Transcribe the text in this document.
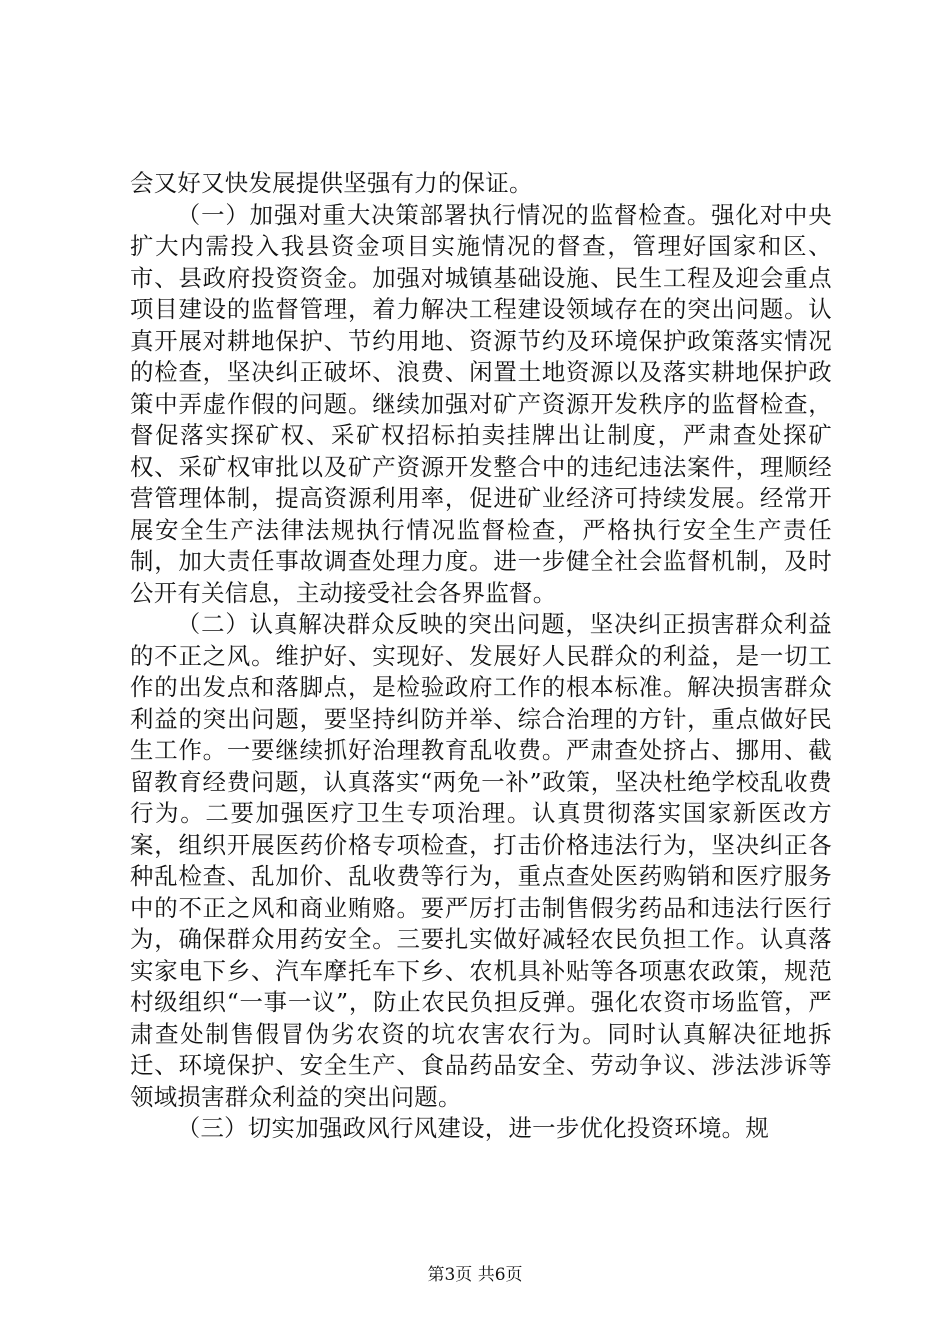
会又好又快发展提供坚强有力的保证。

（一）加强对重大决策部署执行情况的监督检查。强化对中央扩大内需投入我县资金项目实施情况的督查，管理好国家和区、市、县政府投资资金。加强对城镇基础设施、民生工程及迎会重点项目建设的监督管理，着力解决工程建设领域存在的突出问题。认真开展对耕地保护、节约用地、资源节约及环境保护政策落实情况的检查，坚决纠正破坏、浪费、闲置土地资源以及落实耕地保护政策中弄虚作假的问题。继续加强对矿产资源开发秩序的监督检查，督促落实探矿权、采矿权招标拍卖挂牌出让制度，严肃查处探矿权、采矿权审批以及矿产资源开发整合中的违纪违法案件，理顺经营管理体制，提高资源利用率，促进矿业经济可持续发展。经常开展安全生产法律法规执行情况监督检查，严格执行安全生产责任制，加大责任事故调查处理力度。进一步健全社会监督机制，及时公开有关信息，主动接受社会各界监督。

（二）认真解决群众反映的突出问题，坚决纠正损害群众利益的不正之风。维护好、实现好、发展好人民群众的利益，是一切工作的出发点和落脚点，是检验政府工作的根本标准。解决损害群众利益的突出问题，要坚持纠防并举、综合治理的方针，重点做好民生工作。一要继续抓好治理教育乱收费。严肃查处挤占、挪用、截留教育经费问题，认真落实“两免一补”政策，坚决杜绝学校乱收费行为。二要加强医疗卫生专项治理。认真贯彻落实国家新医改方案，组织开展医药价格专项检查，打击价格违法行为，坚决纠正各种乱检查、乱加价、乱收费等行为，重点查处医药购销和医疗服务中的不正之风和商业贿赂。要严厉打击制售假劣药品和违法行医行为，确保群众用药安全。三要扎实做好减轻农民负担工作。认真落实家电下乡、汽车摩托车下乡、农机具补贴等各项惠农政策，规范村级组织“一事一议”，防止农民负担反弹。强化农资市场监管，严肃查处制售假冒伪劣农资的坑农害农行为。同时认真解决征地拆迁、环境保护、安全生产、食品药品安全、劳动争议、涉法涉诉等领域损害群众利益的突出问题。

（三）切实加强政风行风建设，进一步优化投资环境。规

第3页 共6页
